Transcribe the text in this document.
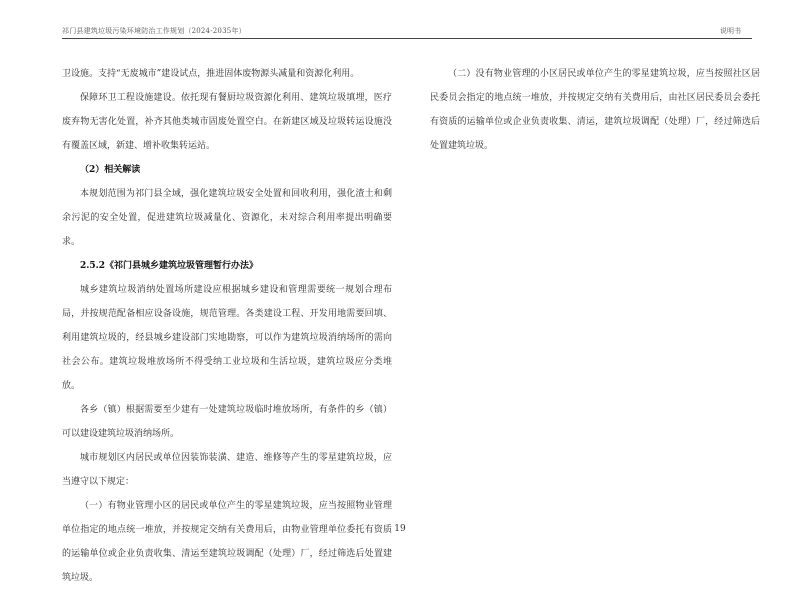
祁门县建筑垃圾污染环境防治工作规划（2024-2035年）	说明书

卫设施。支持“无废城市”建设试点，推进固体废物源头减量和资源化利用。

保障环卫工程设施建设。依托现有餐厨垃圾资源化利用、建筑垃圾填埋，医疗废弃物无害化处置，补齐其他类城市固废处置空白。在新建区域及垃圾转运设施没有覆盖区域，新建、增补收集转运站。

（2）相关解读

本规划范围为祁门县全域，强化建筑垃圾安全处置和回收利用，强化渣土和剩余污泥的安全处置，促进建筑垃圾减量化、资源化，未对综合利用率提出明确要求。

2.5.2《祁门县城乡建筑垃圾管理暂行办法》

城乡建筑垃圾消纳处置场所建设应根据城乡建设和管理需要统一规划合理布局，并按规范配备相应设备设施，规范管理。各类建设工程、开发用地需要回填、利用建筑垃圾的，经县城乡建设部门实地勘察，可以作为建筑垃圾消纳场所的需向社会公布。建筑垃圾堆放场所不得受纳工业垃圾和生活垃圾，建筑垃圾应分类堆放。

各乡（镇）根据需要至少建有一处建筑垃圾临时堆放场所，有条件的乡（镇）可以建设建筑垃圾消纳场所。

城市规划区内居民或单位因装饰装潢、建造、维修等产生的零星建筑垃圾，应当遵守以下规定：

（一）有物业管理小区的居民或单位产生的零星建筑垃圾，应当按照物业管理单位指定的地点统一堆放，并按规定交纳有关费用后，由物业管理单位委托有资质的运输单位或企业负责收集、清运至建筑垃圾调配（处理）厂，经过筛选后处置建筑垃圾。

（二）没有物业管理的小区居民或单位产生的零星建筑垃圾，应当按照社区居民委员会指定的地点统一堆放，并按规定交纳有关费用后，由社区居民委员会委托有资质的运输单位或企业负责收集、清运，建筑垃圾调配（处理）厂，经过筛选后处置建筑垃圾。

19
